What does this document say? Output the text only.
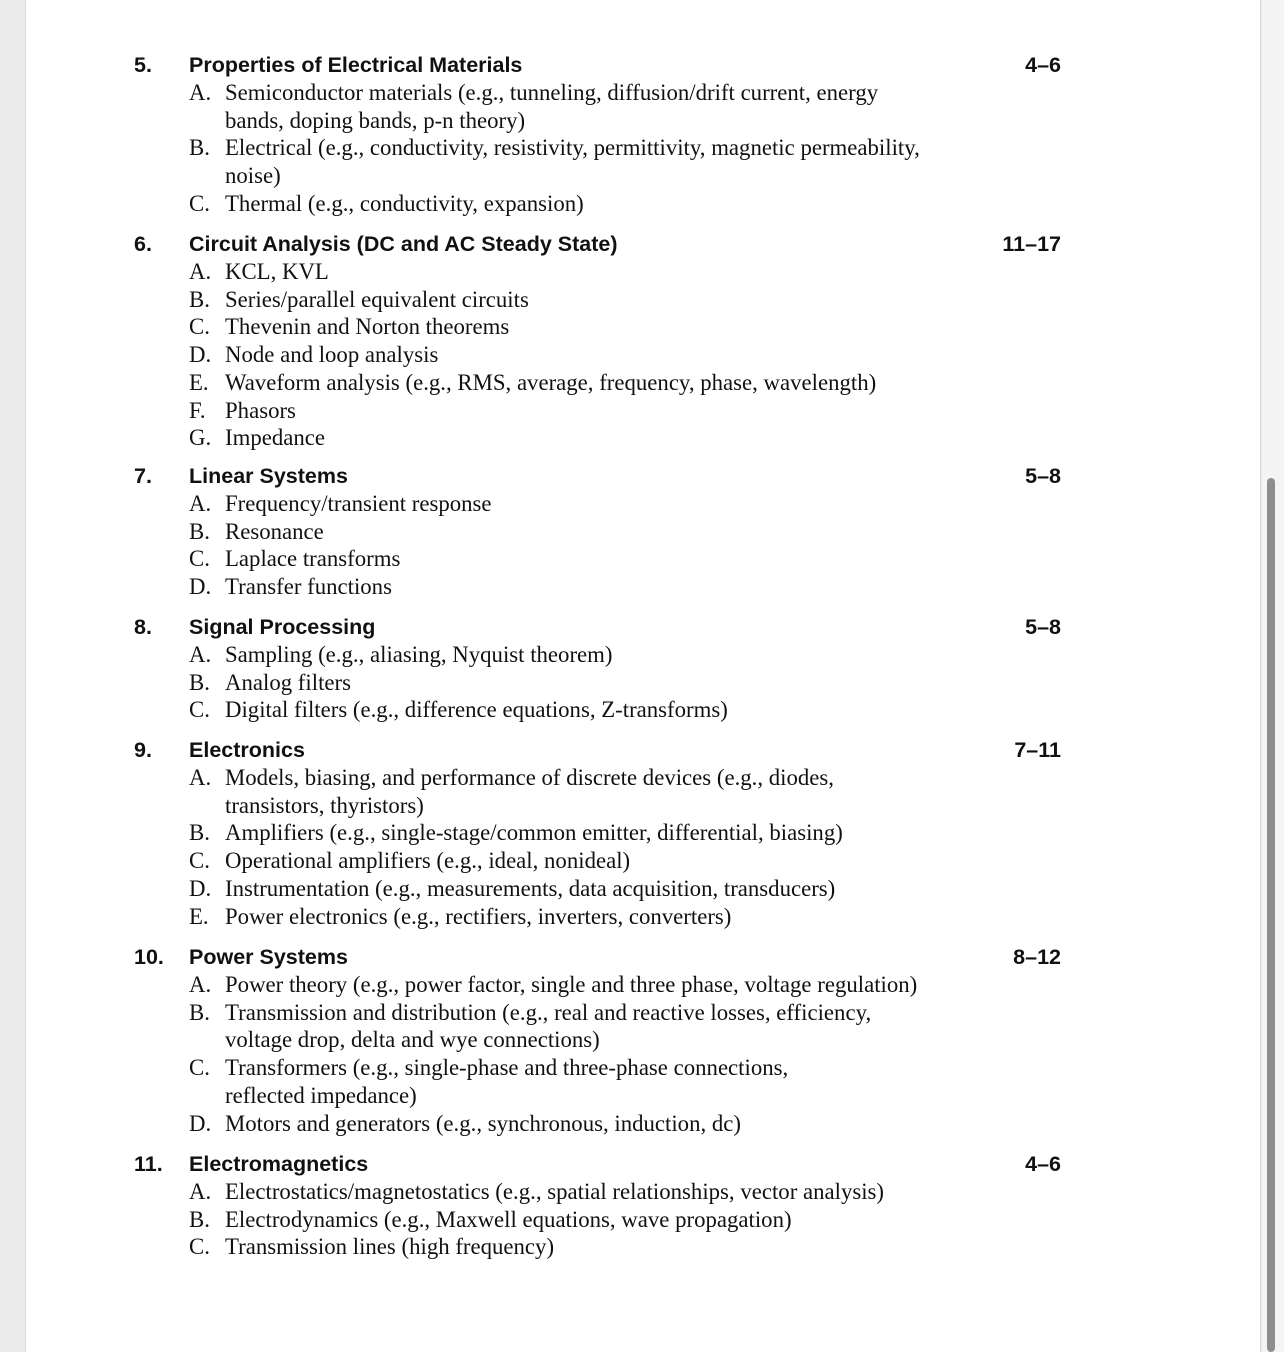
5. Properties of Electrical Materials	4–6
A. Semiconductor materials (e.g., tunneling, diffusion/drift current, energy
bands, doping bands, p-n theory)
B. Electrical (e.g., conductivity, resistivity, permittivity, magnetic permeability,
noise)
C. Thermal (e.g., conductivity, expansion)
6. Circuit Analysis (DC and AC Steady State)	11–17
A. KCL, KVL
B. Series/parallel equivalent circuits
C. Thevenin and Norton theorems
D. Node and loop analysis
E. Waveform analysis (e.g., RMS, average, frequency, phase, wavelength)
F. Phasors
G. Impedance
7. Linear Systems	5–8
A. Frequency/transient response
B. Resonance
C. Laplace transforms
D. Transfer functions
8. Signal Processing	5–8
A. Sampling (e.g., aliasing, Nyquist theorem)
B. Analog filters
C. Digital filters (e.g., difference equations, Z-transforms)
9. Electronics	7–11
A. Models, biasing, and performance of discrete devices (e.g., diodes,
transistors, thyristors)
B. Amplifiers (e.g., single-stage/common emitter, differential, biasing)
C. Operational amplifiers (e.g., ideal, nonideal)
D. Instrumentation (e.g., measurements, data acquisition, transducers)
E. Power electronics (e.g., rectifiers, inverters, converters)
10. Power Systems	8–12
A. Power theory (e.g., power factor, single and three phase, voltage regulation)
B. Transmission and distribution (e.g., real and reactive losses, efficiency,
voltage drop, delta and wye connections)
C. Transformers (e.g., single-phase and three-phase connections,
reflected impedance)
D. Motors and generators (e.g., synchronous, induction, dc)
11. Electromagnetics	4–6
A. Electrostatics/magnetostatics (e.g., spatial relationships, vector analysis)
B. Electrodynamics (e.g., Maxwell equations, wave propagation)
C. Transmission lines (high frequency)
